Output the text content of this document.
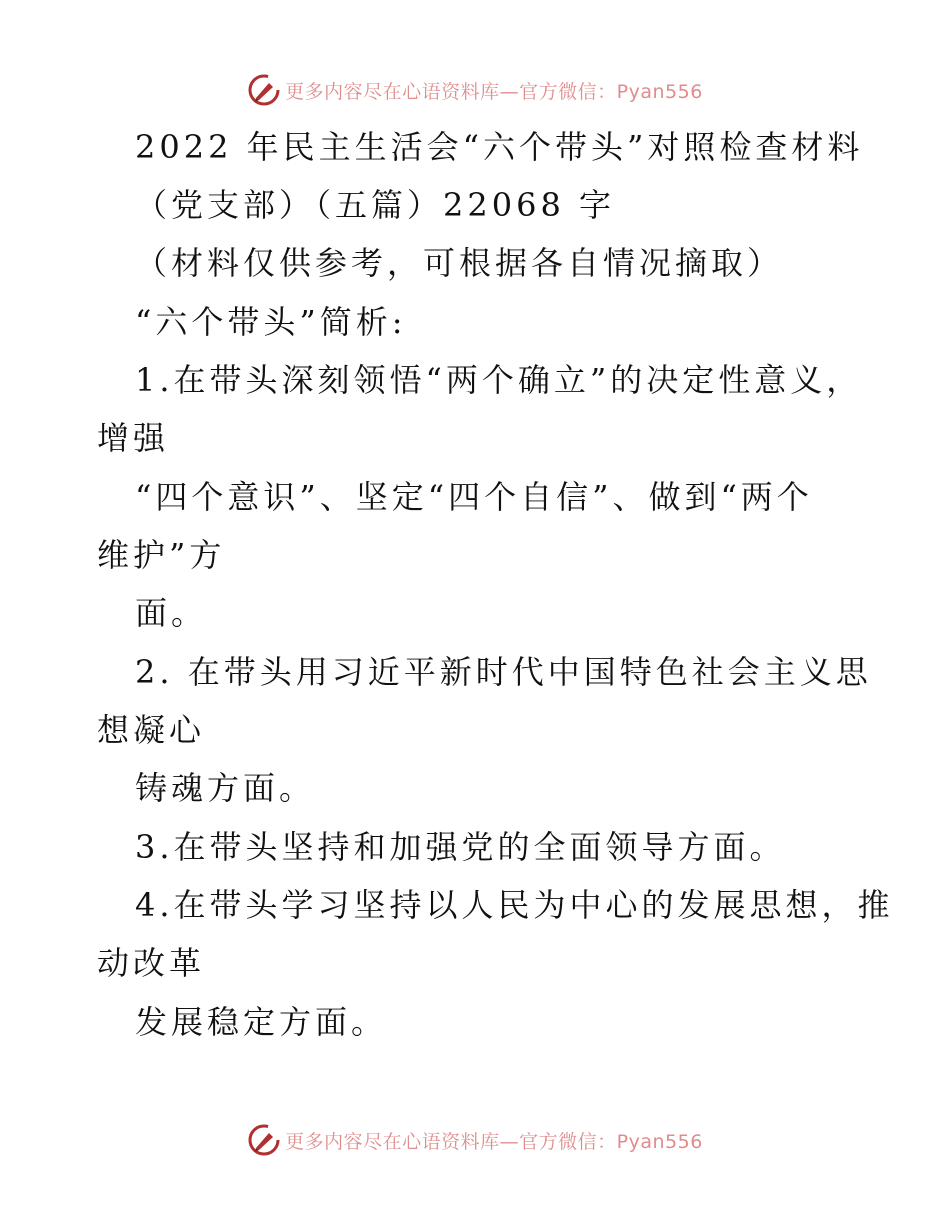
更多内容尽在心语资料库—官方微信：Pyan556
2022 年民主生活会“六个带头”对照检查材料
（党支部）（五篇）22068 字
（材料仅供参考，可根据各自情况摘取）
“六个带头”简析:
1.在带头深刻领悟“两个确立”的决定性意义，
增强
“四个意识”、坚定“四个自信”、做到“两个
维护”方
面。
2. 在带头用习近平新时代中国特色社会主义思
想凝心
铸魂方面。
3.在带头坚持和加强党的全面领导方面。
4.在带头学习坚持以人民为中心的发展思想，推
动改革
发展稳定方面。
更多内容尽在心语资料库—官方微信：Pyan556
